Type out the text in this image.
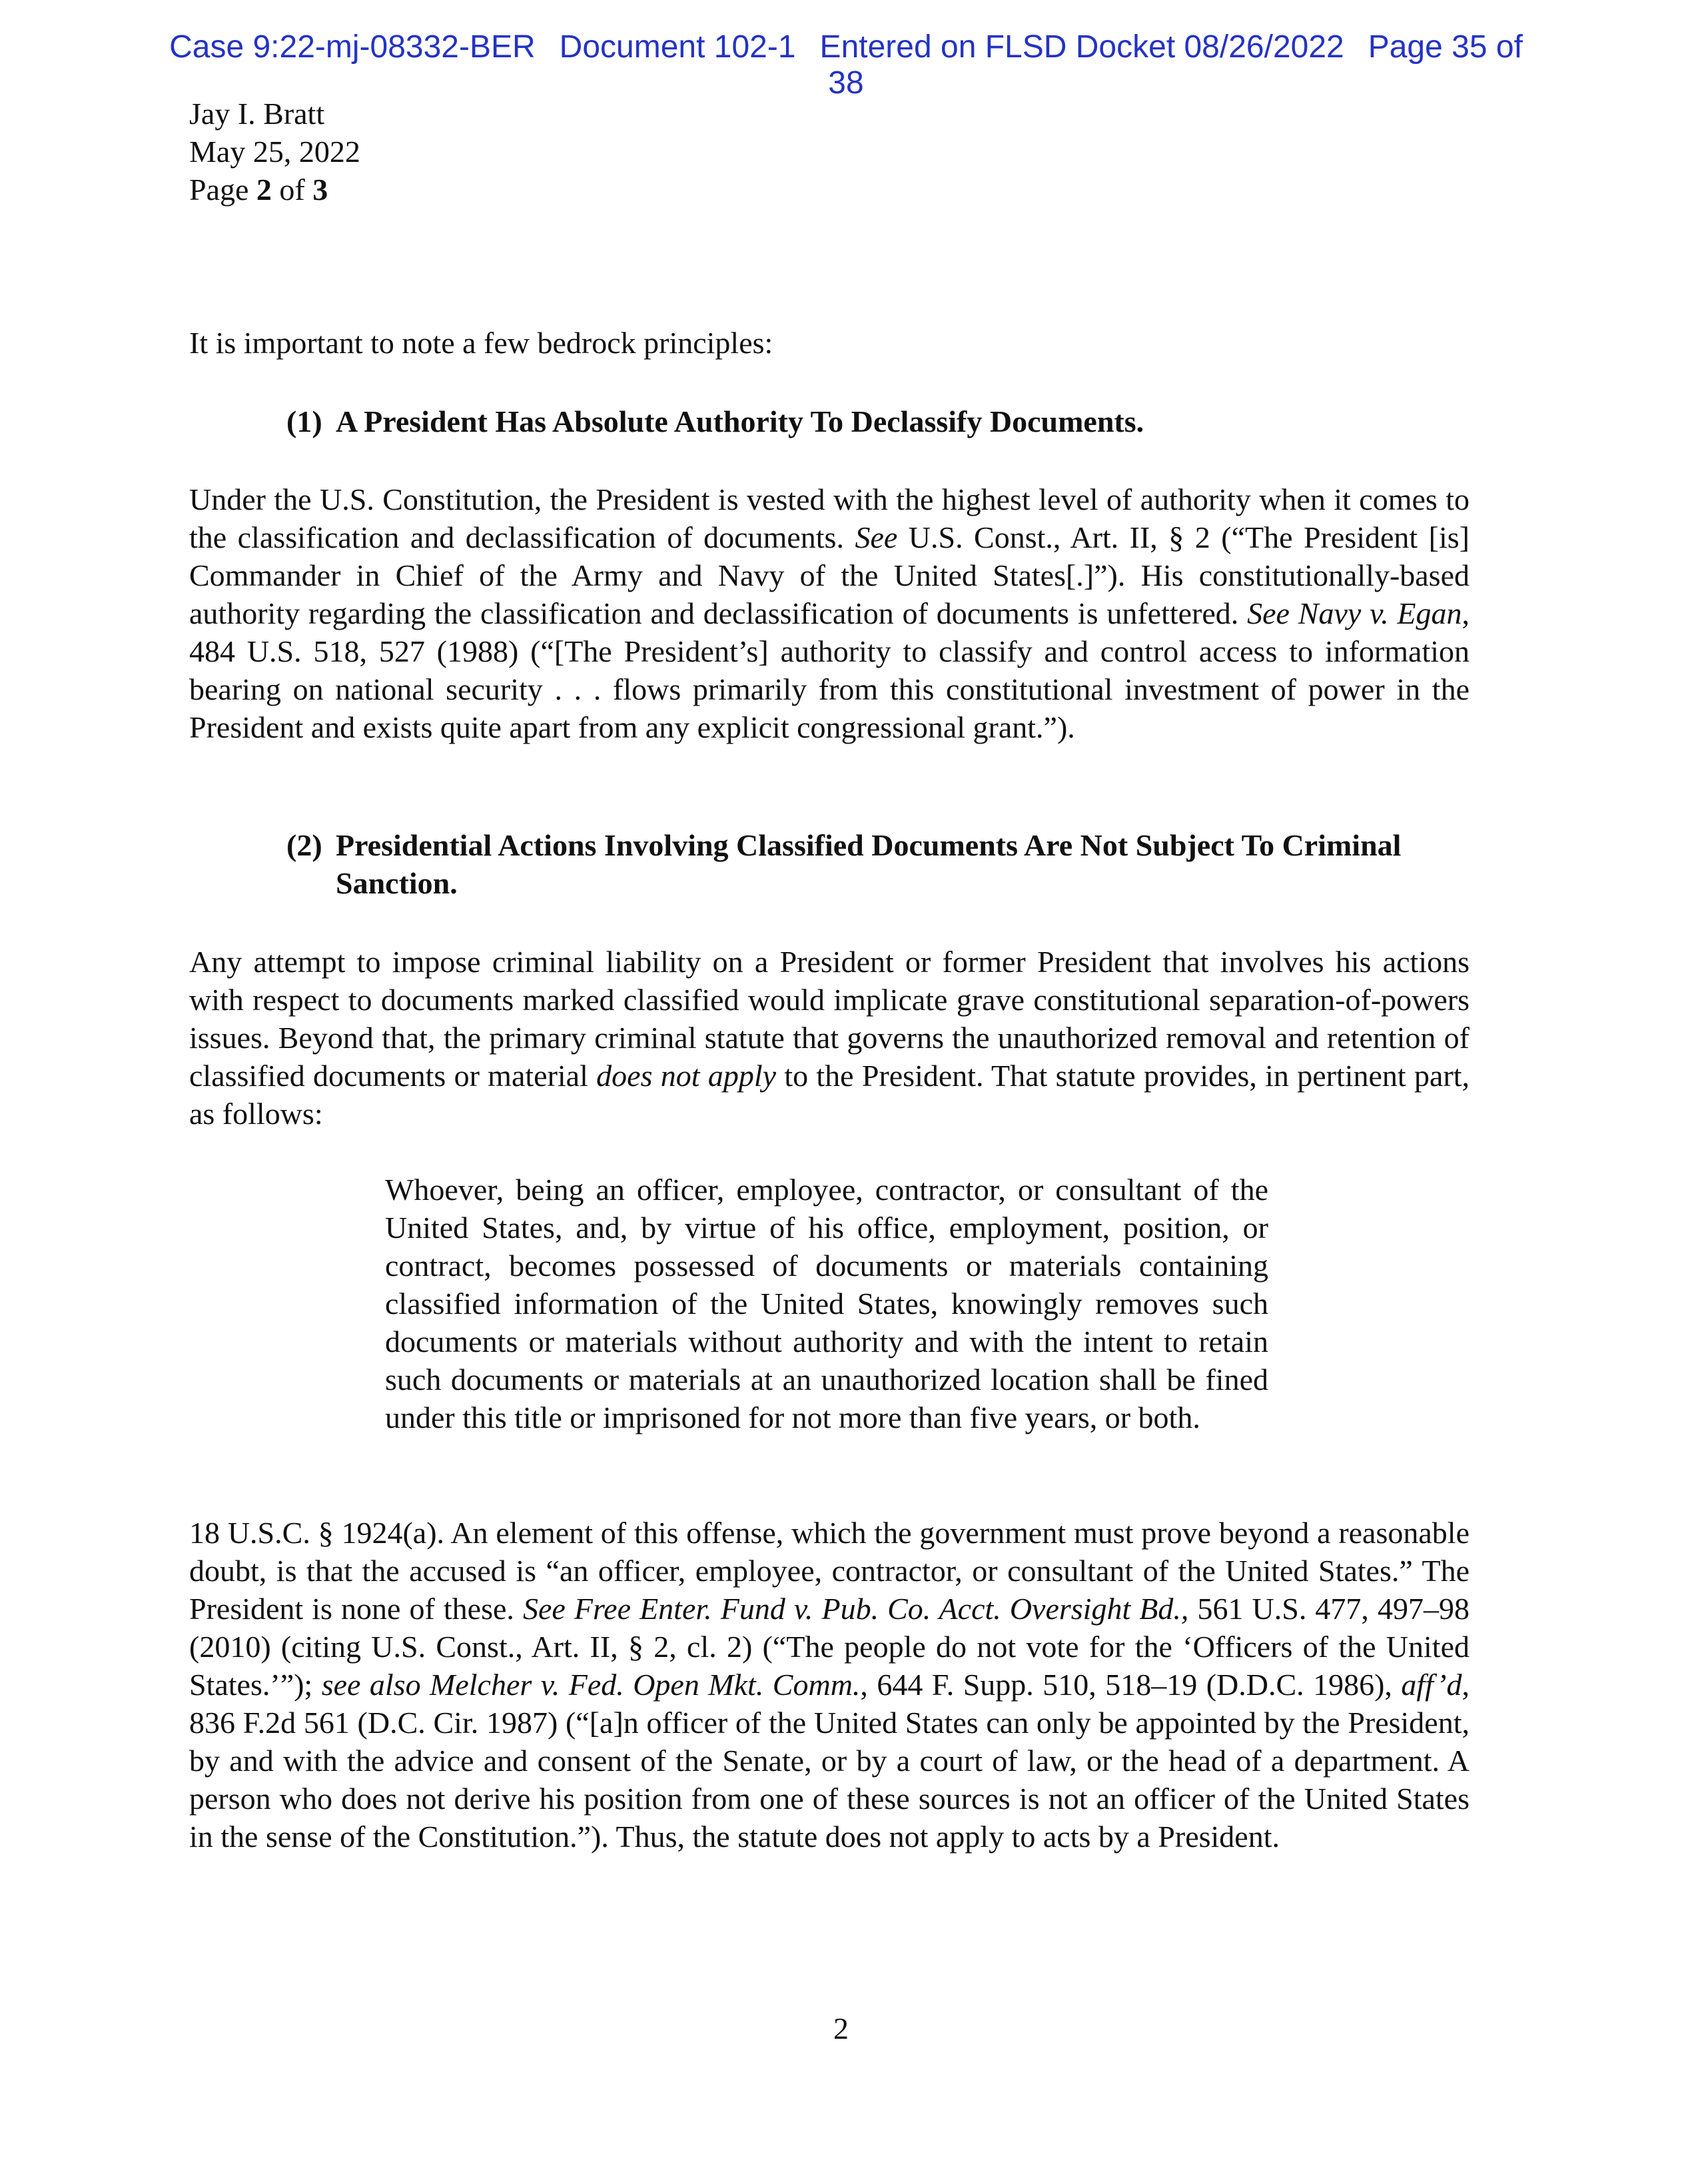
Case 9:22-mj-08332-BER Document 102-1 Entered on FLSD Docket 08/26/2022 Page 35 of
38
Jay I. Bratt
May 25, 2022
Page 2 of 3
It is important to note a few bedrock principles:
(1) A President Has Absolute Authority To Declassify Documents.
Under the U.S. Constitution, the President is vested with the highest level of authority when it comes to the classification and declassification of documents. See U.S. Const., Art. II, § 2 (“The President [is] Commander in Chief of the Army and Navy of the United States[.]”). His constitutionally-based authority regarding the classification and declassification of documents is unfettered. See Navy v. Egan, 484 U.S. 518, 527 (1988) (“[The President’s] authority to classify and control access to information bearing on national security . . . flows primarily from this constitutional investment of power in the President and exists quite apart from any explicit congressional grant.”).
(2) Presidential Actions Involving Classified Documents Are Not Subject To Criminal Sanction.
Any attempt to impose criminal liability on a President or former President that involves his actions with respect to documents marked classified would implicate grave constitutional separation-of-powers issues. Beyond that, the primary criminal statute that governs the unauthorized removal and retention of classified documents or material does not apply to the President. That statute provides, in pertinent part, as follows:
Whoever, being an officer, employee, contractor, or consultant of the United States, and, by virtue of his office, employment, position, or contract, becomes possessed of documents or materials containing classified information of the United States, knowingly removes such documents or materials without authority and with the intent to retain such documents or materials at an unauthorized location shall be fined under this title or imprisoned for not more than five years, or both.
18 U.S.C. § 1924(a). An element of this offense, which the government must prove beyond a reasonable doubt, is that the accused is “an officer, employee, contractor, or consultant of the United States.” The President is none of these. See Free Enter. Fund v. Pub. Co. Acct. Oversight Bd., 561 U.S. 477, 497–98 (2010) (citing U.S. Const., Art. II, § 2, cl. 2) (“The people do not vote for the ‘Officers of the United States.’”); see also Melcher v. Fed. Open Mkt. Comm., 644 F. Supp. 510, 518–19 (D.D.C. 1986), aff’d, 836 F.2d 561 (D.C. Cir. 1987) (“[a]n officer of the United States can only be appointed by the President, by and with the advice and consent of the Senate, or by a court of law, or the head of a department. A person who does not derive his position from one of these sources is not an officer of the United States in the sense of the Constitution.”). Thus, the statute does not apply to acts by a President.
2
